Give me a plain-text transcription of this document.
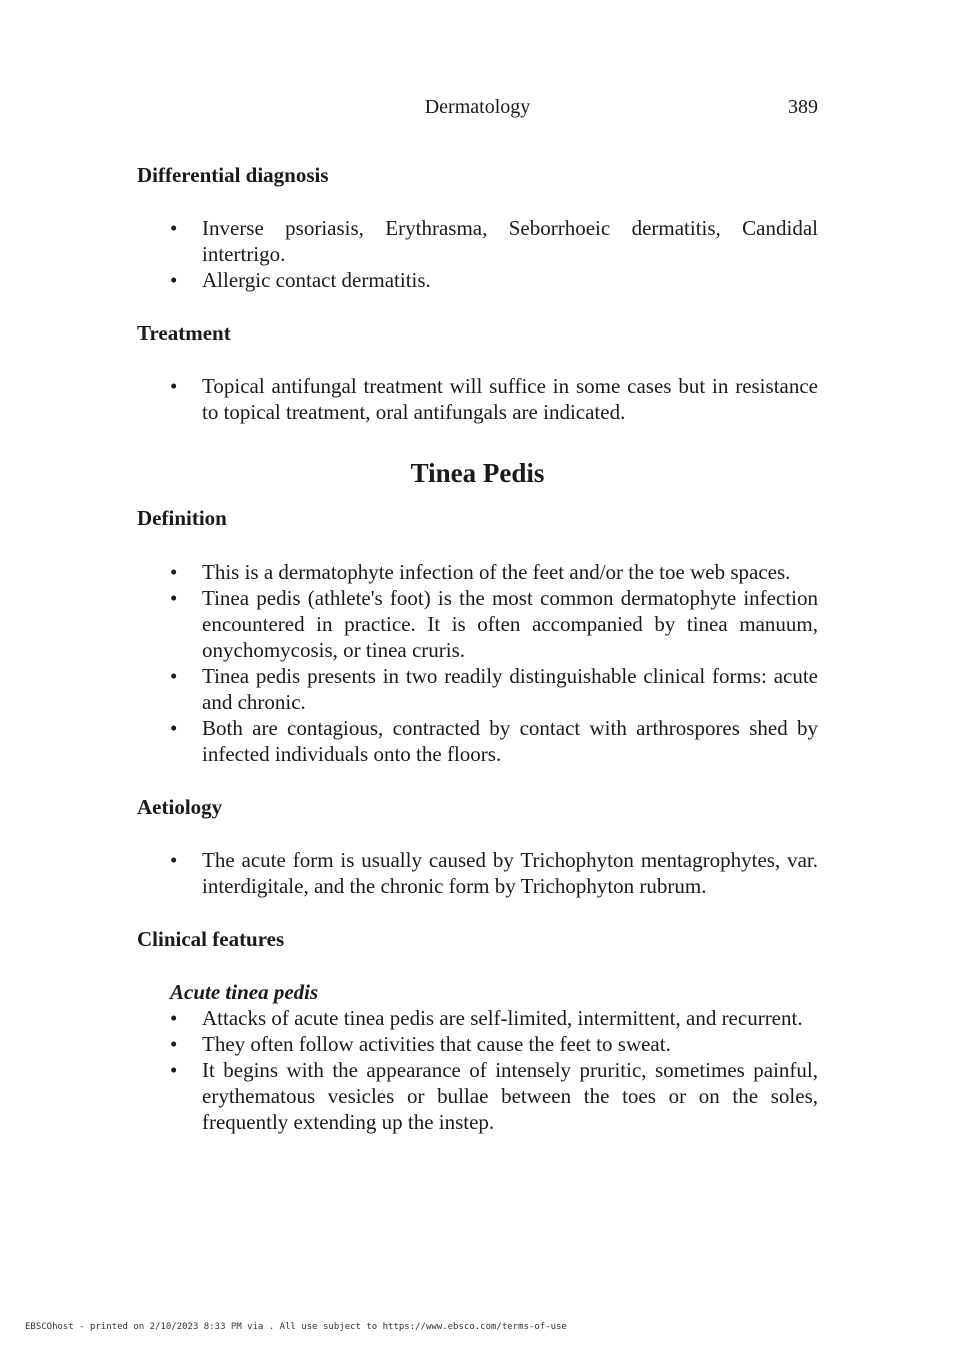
Dermatology	389
Differential diagnosis
• Inverse psoriasis, Erythrasma, Seborrhoeic dermatitis, Candidal intertrigo.
• Allergic contact dermatitis.
Treatment
• Topical antifungal treatment will suffice in some cases but in resistance to topical treatment, oral antifungals are indicated.
Tinea Pedis
Definition
• This is a dermatophyte infection of the feet and/or the toe web spaces.
• Tinea pedis (athlete's foot) is the most common dermatophyte infection encountered in practice. It is often accompanied by tinea manuum, onychomycosis, or tinea cruris.
• Tinea pedis presents in two readily distinguishable clinical forms: acute and chronic.
• Both are contagious, contracted by contact with arthrospores shed by infected individuals onto the floors.
Aetiology
• The acute form is usually caused by Trichophyton mentagrophytes, var. interdigitale, and the chronic form by Trichophyton rubrum.
Clinical features

Acute tinea pedis

• Attacks of acute tinea pedis are self-limited, intermittent, and recurrent.
• They often follow activities that cause the feet to sweat.
• It begins with the appearance of intensely pruritic, sometimes painful, erythematous vesicles or bullae between the toes or on the soles, frequently extending up the instep.
EBSCOhost - printed on 2/10/2023 8:33 PM via . All use subject to https://www.ebsco.com/terms-of-use
